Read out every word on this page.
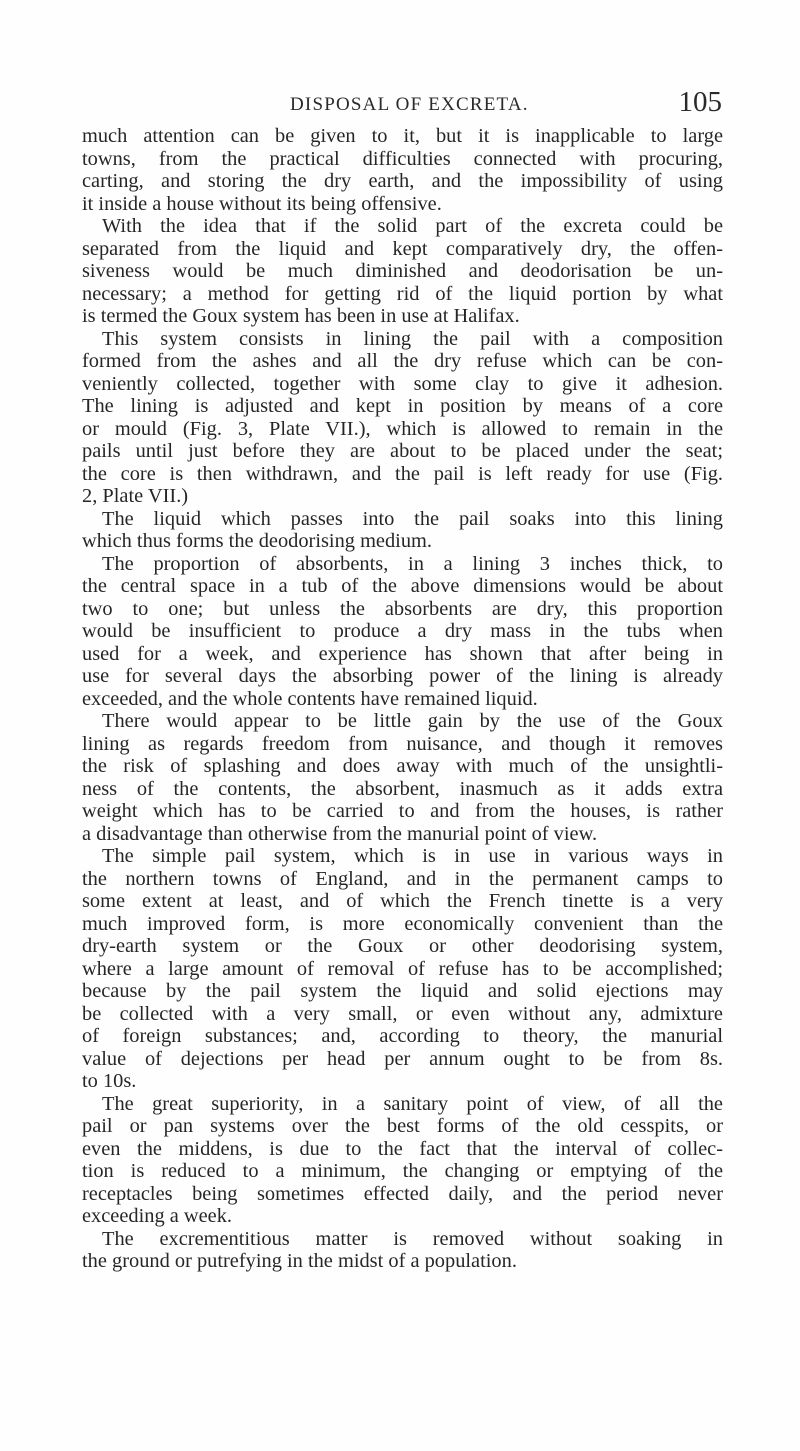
DISPOSAL OF EXCRETA.	105
much attention can be given to it, but it is inapplicable to large
towns, from the practical difficulties connected with procuring,
carting, and storing the dry earth, and the impossibility of using
it inside a house without its being offensive.
With the idea that if the solid part of the excreta could be
separated from the liquid and kept comparatively dry, the offen-
siveness would be much diminished and deodorisation be un-
necessary; a method for getting rid of the liquid portion by what
is termed the Goux system has been in use at Halifax.
This system consists in lining the pail with a composition
formed from the ashes and all the dry refuse which can be con-
veniently collected, together with some clay to give it adhesion.
The lining is adjusted and kept in position by means of a core
or mould (Fig. 3, Plate VII.), which is allowed to remain in the
pails until just before they are about to be placed under the seat;
the core is then withdrawn, and the pail is left ready for use (Fig.
2, Plate VII.)
The liquid which passes into the pail soaks into this lining
which thus forms the deodorising medium.
The proportion of absorbents, in a lining 3 inches thick, to
the central space in a tub of the above dimensions would be about
two to one; but unless the absorbents are dry, this proportion
would be insufficient to produce a dry mass in the tubs when
used for a week, and experience has shown that after being in
use for several days the absorbing power of the lining is already
exceeded, and the whole contents have remained liquid.
There would appear to be little gain by the use of the Goux
lining as regards freedom from nuisance, and though it removes
the risk of splashing and does away with much of the unsightli-
ness of the contents, the absorbent, inasmuch as it adds extra
weight which has to be carried to and from the houses, is rather
a disadvantage than otherwise from the manurial point of view.
The simple pail system, which is in use in various ways in
the northern towns of England, and in the permanent camps to
some extent at least, and of which the French tinette is a very
much improved form, is more economically convenient than the
dry-earth system or the Goux or other deodorising system,
where a large amount of removal of refuse has to be accomplished;
because by the pail system the liquid and solid ejections may
be collected with a very small, or even without any, admixture
of foreign substances; and, according to theory, the manurial
value of dejections per head per annum ought to be from 8s.
to 10s.
The great superiority, in a sanitary point of view, of all the
pail or pan systems over the best forms of the old cesspits, or
even the middens, is due to the fact that the interval of collec-
tion is reduced to a minimum, the changing or emptying of the
receptacles being sometimes effected daily, and the period never
exceeding a week.
The excrementitious matter is removed without soaking in
the ground or putrefying in the midst of a population.
